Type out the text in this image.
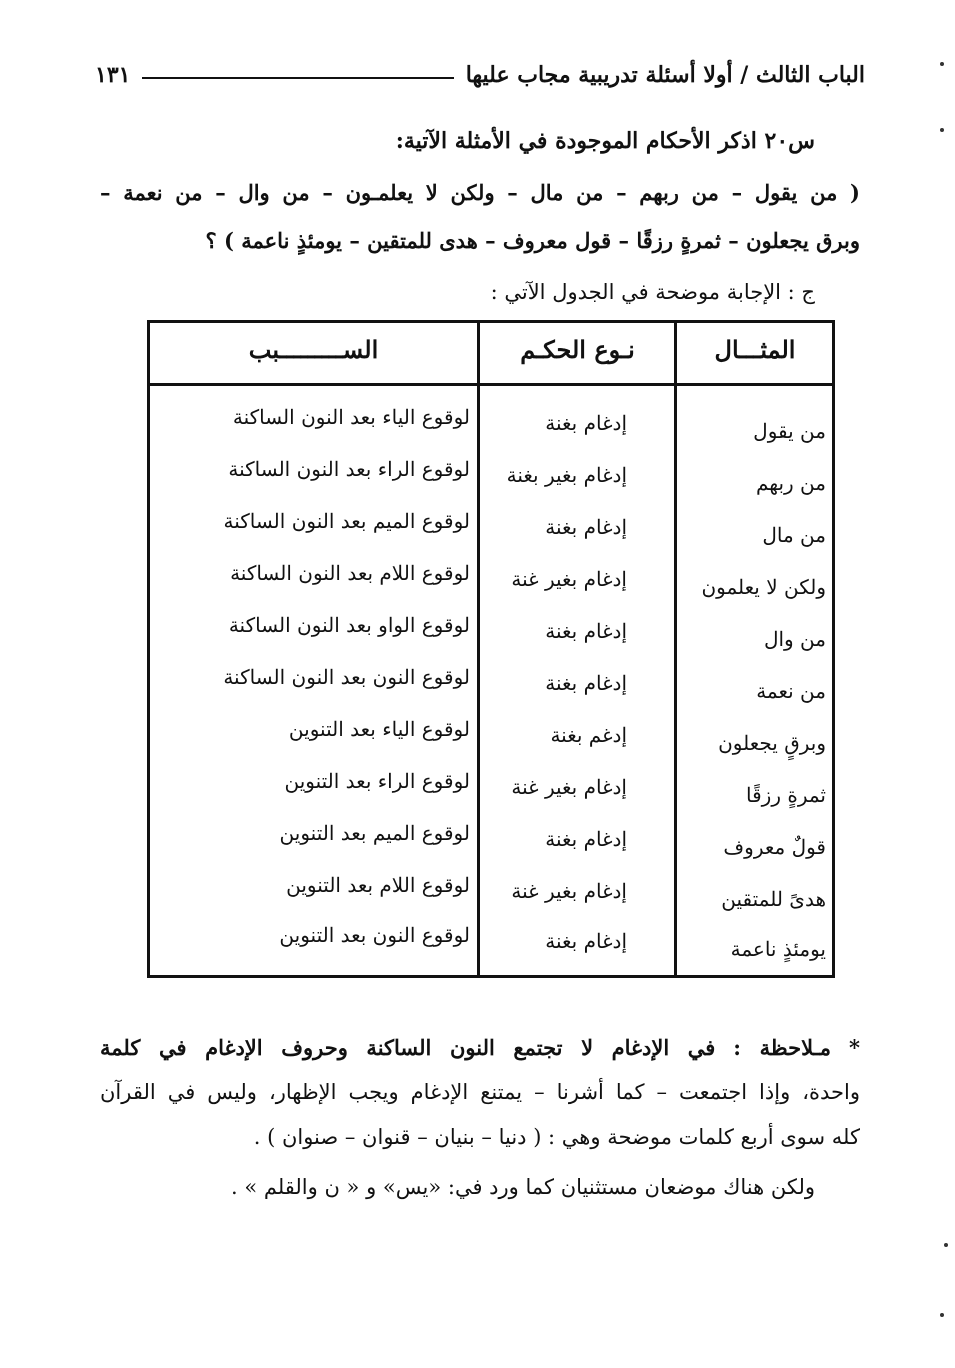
الباب الثالث / أولا أسئلة تدريبية مجاب عليها
١٣١
س٢٠ اذكر الأحكام الموجودة في الأمثلة الآتية:
( من يقول – من ربهم – من مال – ولكن لا يعلمـون – من وال – من نعمة –
وبرق يجعلون – ثمرةٍ رزقًا – قول معروف – هدى للمتقين – يومئذٍ ناعمة ) ؟
ج : الإجابة موضحة في الجدول الآتي :
المثـــال
نـوع الحكـم
الســـــــــبب
من يقول
إدغام بغنة
لوقوع الياء بعد النون الساكنة
من ربهم
إدغام بغير بغنة
لوقوع الراء بعد النون الساكنة
من مال
إدغام بغنة
لوقوع الميم بعد النون الساكنة
ولكن لا يعلمون
إدغام بغير غنة
لوقوع اللام بعد النون الساكنة
من وال
إدغام بغنة
لوقوع الواو بعد النون الساكنة
من نعمة
إدغام بغنة
لوقوع النون بعد النون الساكنة
وبرقٍ يجعلون
إدغم بغنة
لوقوع الياء بعد التنوين
ثمرةٍ رزقًا
إدغام بغير غنة
لوقوع الراء بعد التنوين
قولٌ معروف
إدغام بغنة
لوقوع الميم بعد التنوين
هدىً للمتقين
إدغام بغير غنة
لوقوع اللام بعد التنوين
يومئذٍ ناعمة
إدغام بغنة
لوقوع النون بعد التنوين
* مـلاحظة : في الإدغام لا تجتمع النون الساكنة وحروف الإدغام في كلمة
واحدة، وإذا اجتمعت – كما أشرنا – يمتنع الإدغام ويجب الإظهار، وليس في القرآن
كله سوى أربع كلمات موضحة وهي : ( دنيا – بنيان – قنوان – صنوان ) .
ولكن هناك موضعان مستثنيان كما ورد في: «يس» و « ن والقلم » .
